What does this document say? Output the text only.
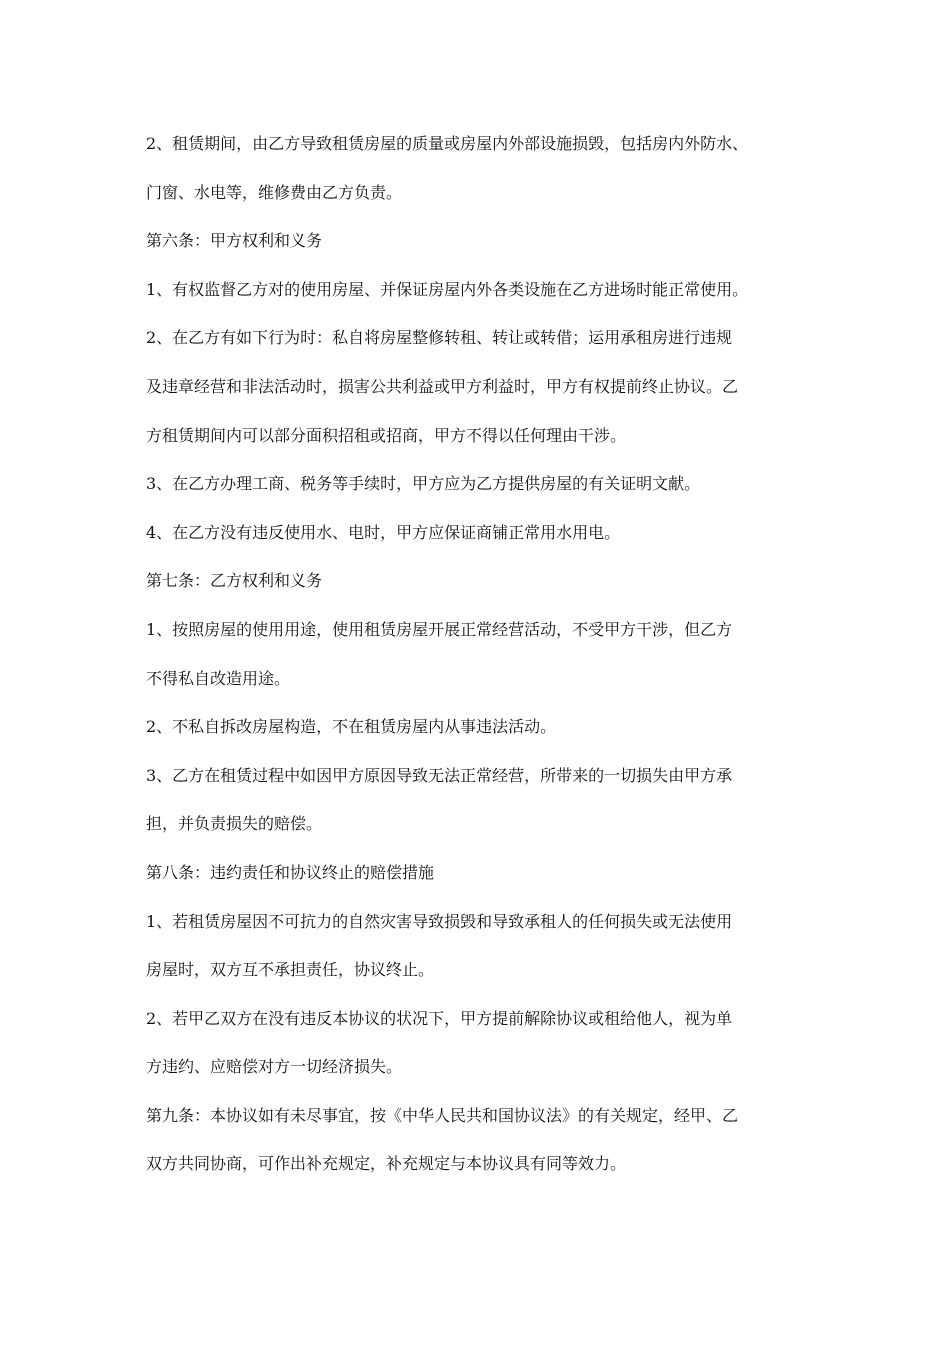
2、租赁期间，由乙方导致租赁房屋的质量或房屋内外部设施损毁，包括房内外防水、

门窗、水电等，维修费由乙方负责。

第六条：甲方权利和义务

1、有权监督乙方对的使用房屋、并保证房屋内外各类设施在乙方进场时能正常使用。

2、在乙方有如下行为时：私自将房屋整修转租、转让或转借；运用承租房进行违规

及违章经营和非法活动时，损害公共利益或甲方利益时，甲方有权提前终止协议。乙

方租赁期间内可以部分面积招租或招商，甲方不得以任何理由干涉。

3、在乙方办理工商、税务等手续时，甲方应为乙方提供房屋的有关证明文献。

4、在乙方没有违反使用水、电时，甲方应保证商铺正常用水用电。

第七条：乙方权利和义务

1、按照房屋的使用用途，使用租赁房屋开展正常经营活动，不受甲方干涉，但乙方

不得私自改造用途。

2、不私自拆改房屋构造，不在租赁房屋内从事违法活动。

3、乙方在租赁过程中如因甲方原因导致无法正常经营，所带来的一切损失由甲方承

担，并负责损失的赔偿。

第八条：违约责任和协议终止的赔偿措施

1、若租赁房屋因不可抗力的自然灾害导致损毁和导致承租人的任何损失或无法使用

房屋时，双方互不承担责任，协议终止。

2、若甲乙双方在没有违反本协议的状况下，甲方提前解除协议或租给他人，视为单

方违约、应赔偿对方一切经济损失。

第九条：本协议如有未尽事宜，按《中华人民共和国协议法》的有关规定，经甲、乙

双方共同协商，可作出补充规定，补充规定与本协议具有同等效力。
